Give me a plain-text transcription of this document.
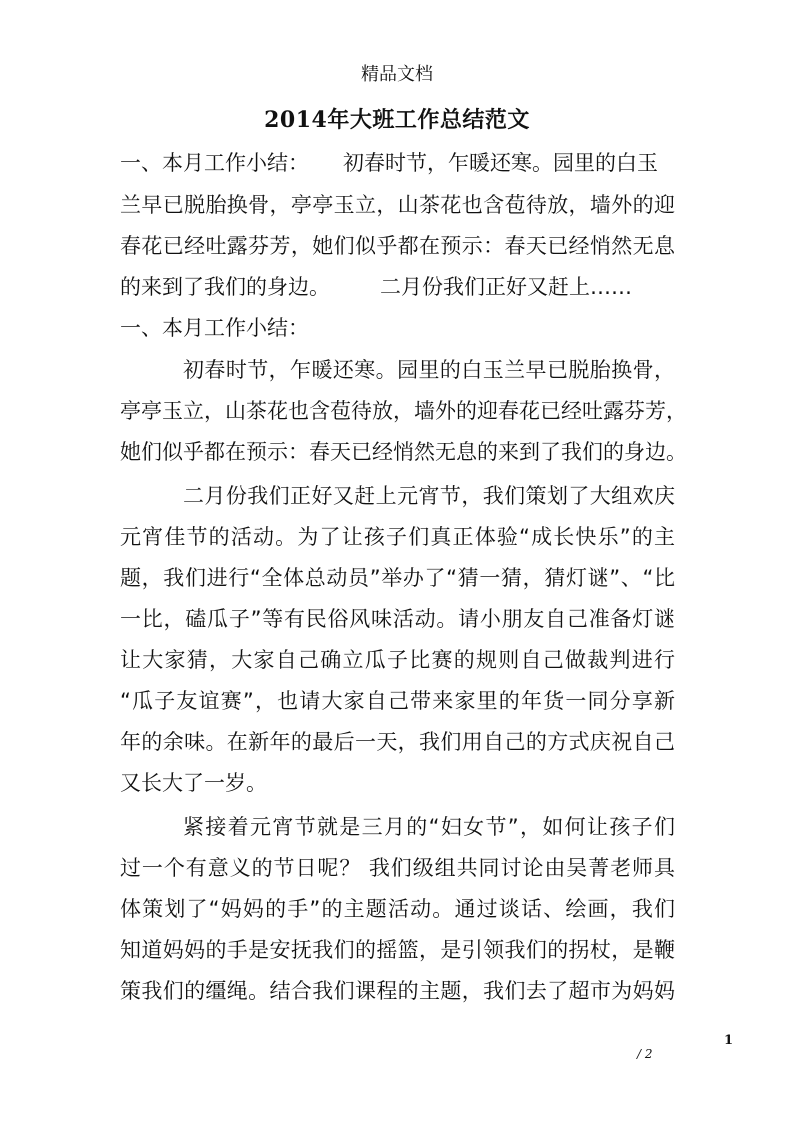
精品文档
2014年大班工作总结范文
一、本月工作小结： 初春时节，乍暖还寒。园里的白玉
兰早已脱胎换骨，亭亭玉立，山茶花也含苞待放，墙外的迎
春花已经吐露芬芳，她们似乎都在预示：春天已经悄然无息
的来到了我们的身边。 二月份我们正好又赶上……
一、本月工作小结：
初春时节，乍暖还寒。园里的白玉兰早已脱胎换骨，
亭亭玉立，山茶花也含苞待放，墙外的迎春花已经吐露芬芳，
她们似乎都在预示：春天已经悄然无息的来到了我们的身边。
二月份我们正好又赶上元宵节，我们策划了大组欢庆
元宵佳节的活动。为了让孩子们真正体验“成长快乐”的主
题，我们进行“全体总动员”举办了“猜一猜，猜灯谜”、“比
一比，磕瓜子”等有民俗风味活动。请小朋友自己准备灯谜
让大家猜，大家自己确立瓜子比赛的规则自己做裁判进行
“瓜子友谊赛”，也请大家自己带来家里的年货一同分享新
年的余味。在新年的最后一天，我们用自己的方式庆祝自己
又长大了一岁。
紧接着元宵节就是三月的“妇女节”，如何让孩子们
过一个有意义的节日呢？ 我们级组共同讨论由吴菁老师具
体策划了“妈妈的手”的主题活动。通过谈话、绘画，我们
知道妈妈的手是安抚我们的摇篮，是引领我们的拐杖，是鞭
策我们的缰绳。结合我们课程的主题，我们去了超市为妈妈
1
/ 2
